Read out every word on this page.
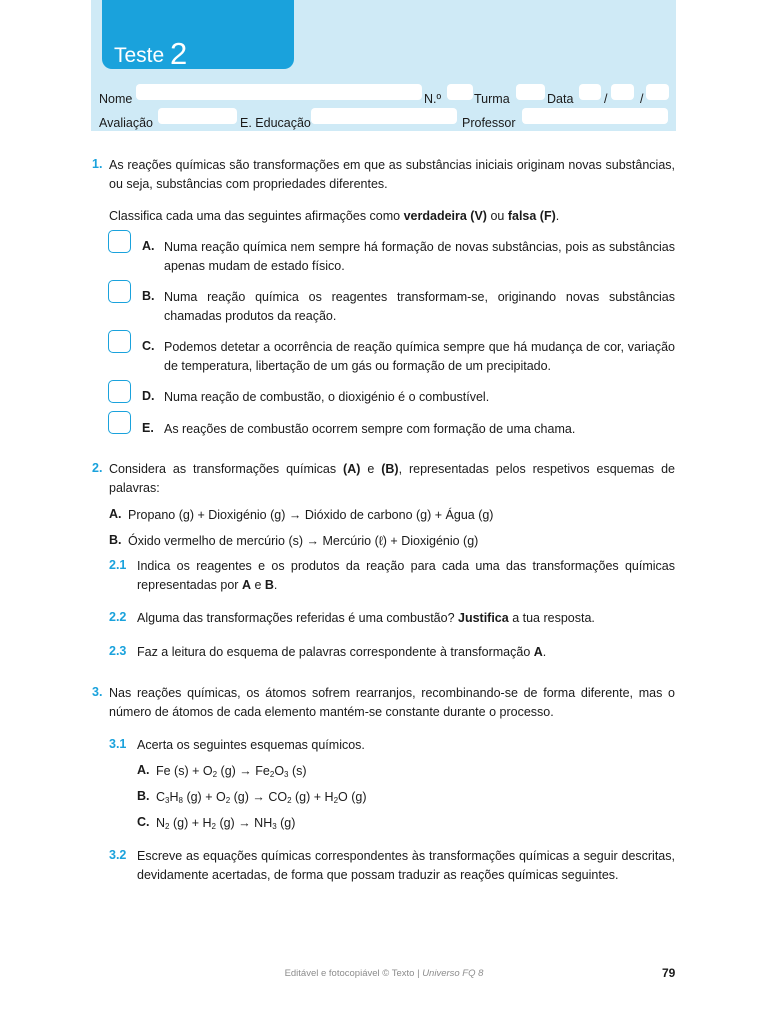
Teste 2
Nome	N.º	Turma	Data /	/
Avaliação	E. Educação	Professor
1. As reações químicas são transformações em que as substâncias iniciais originam novas substâncias, ou seja, substâncias com propriedades diferentes.
Classifica cada uma das seguintes afirmações como verdadeira (V) ou falsa (F).
A. Numa reação química nem sempre há formação de novas substâncias, pois as substâncias apenas mudam de estado físico.
B. Numa reação química os reagentes transformam-se, originando novas substâncias chamadas produtos da reação.
C. Podemos detetar a ocorrência de reação química sempre que há mudança de cor, variação de temperatura, libertação de um gás ou formação de um precipitado.
D. Numa reação de combustão, o dioxigénio é o combustível.
E. As reações de combustão ocorrem sempre com formação de uma chama.
2. Considera as transformações químicas (A) e (B), representadas pelos respetivos esquemas de palavras:
A. Propano (g) + Dioxigénio (g) → Dióxido de carbono (g) + Água (g)
B. Óxido vermelho de mercúrio (s) → Mercúrio (ℓ) + Dioxigénio (g)
2.1 Indica os reagentes e os produtos da reação para cada uma das transformações químicas representadas por A e B.
2.2 Alguma das transformações referidas é uma combustão? Justifica a tua resposta.
2.3 Faz a leitura do esquema de palavras correspondente à transformação A.
3. Nas reações químicas, os átomos sofrem rearranjos, recombinando-se de forma diferente, mas o número de átomos de cada elemento mantém-se constante durante o processo.
3.1 Acerta os seguintes esquemas químicos.
A. Fe $(s) + O_2$ $(g) \to Fe_2O_3$ (s)
B. $C_3H_8$ $(g) + O_2$ $(g) \to CO_2$ $(g) + H_2O$ (g)
C. $N_2$ $(g) + H_2$ $(g) \to NH_3$ (g)
3.2 Escreve as equações químicas correspondentes às transformações químicas a seguir descritas, devidamente acertadas, de forma que possam traduzir as reações químicas seguintes.
Editável e fotocopiável © Texto | Universo FQ 8	79
